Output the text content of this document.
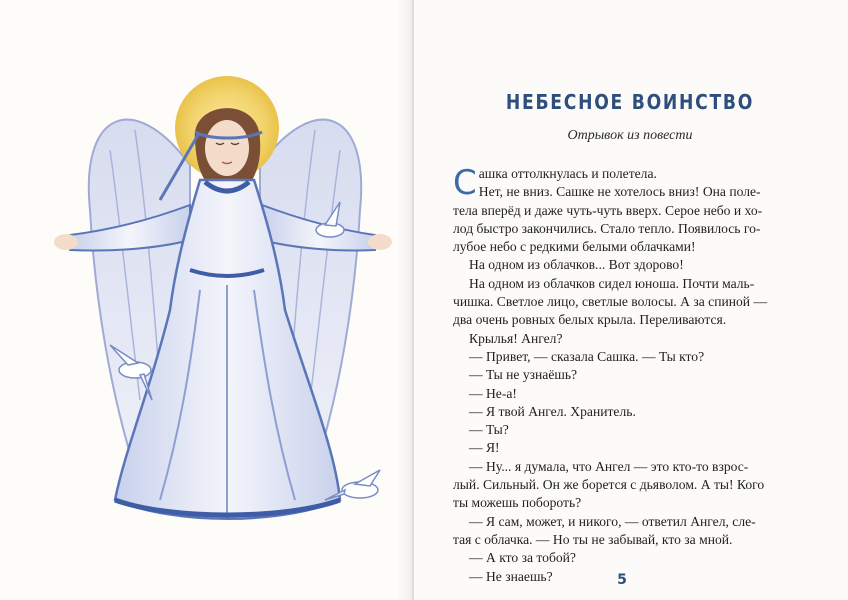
НЕБЕСНОЕ ВОИНСТВО
Отрывок из повести

Сашка оттолкнулась и полетела.

Нет, не вниз. Сашке не хотелось вниз! Она поле-

тела вперёд и даже чуть-чуть вверх. Серое небо и хо-

лод быстро закончились. Стало тепло. Появилось го-

лубое небо с редкими белыми облачками!

На одном из облачков... Вот здорово!

На одном из облачков сидел юноша. Почти маль-

чишка. Светлое лицо, светлые волосы. А за спиной —

два очень ровных белых крыла. Переливаются.

Крылья! Ангел?

— Привет, — сказала Сашка. — Ты кто?

— Ты не узнаёшь?

— Не-а!

— Я твой Ангел. Хранитель.

— Ты?

— Я!

— Ну... я думала, что Ангел — это кто-то взрос-

лый. Сильный. Он же борется с дьяволом. А ты! Кого

ты можешь побороть?

— Я сам, может, и никого, — ответил Ангел, сле-

тая с облачка. — Но ты не забывай, кто за мной.

— А кто за тобой?

— Не знаешь?	5
